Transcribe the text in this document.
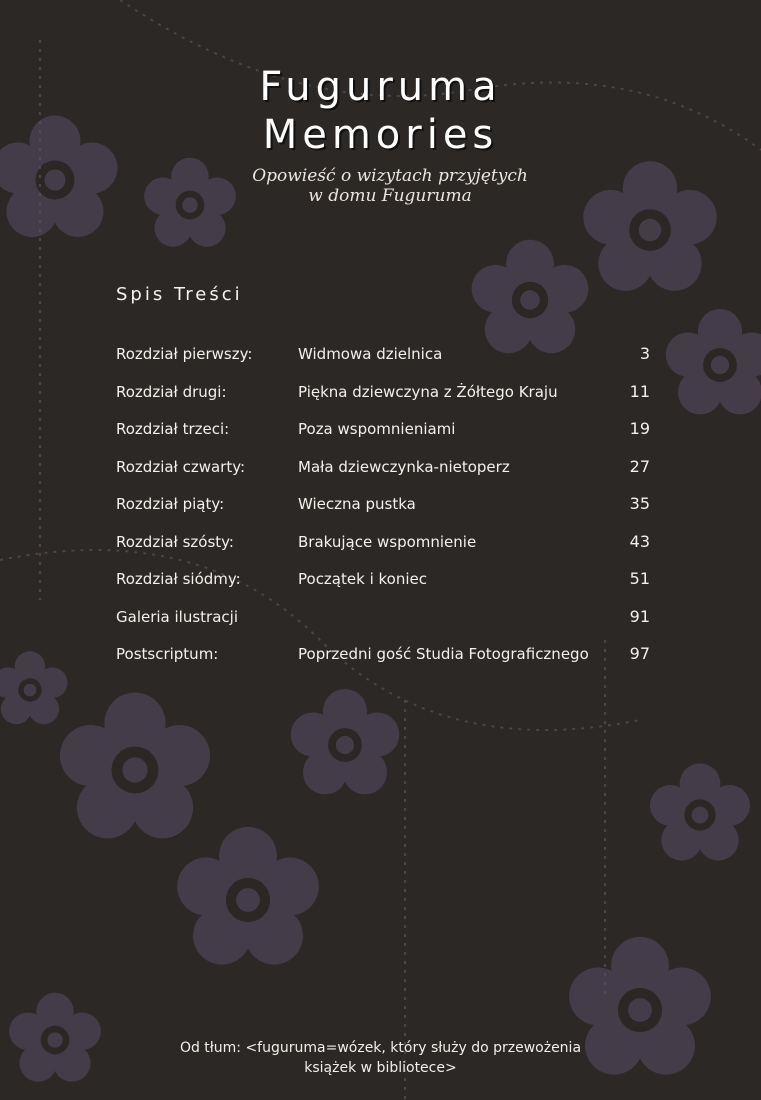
Fuguruma
Memories
Opowieść o wizytach przyjętych
w domu Fuguruma
Spis Treści
Rozdział pierwszy:	Widmowa dzielnica	3
Rozdział drugi:	Piękna dziewczyna z Żółtego Kraju	11
Rozdział trzeci:	Poza wspomnieniami	19
Rozdział czwarty:	Mała dziewczynka-nietoperz	27
Rozdział piąty:	Wieczna pustka	35
Rozdział szósty:	Brakujące wspomnienie	43
Rozdział siódmy:	Początek i koniec	51
Galeria ilustracji	91
Postscriptum:	Poprzedni gość Studia Fotograficznego	97
Od tłum: <fuguruma=wózek, który służy do przewożenia
książek w bibliotece>
